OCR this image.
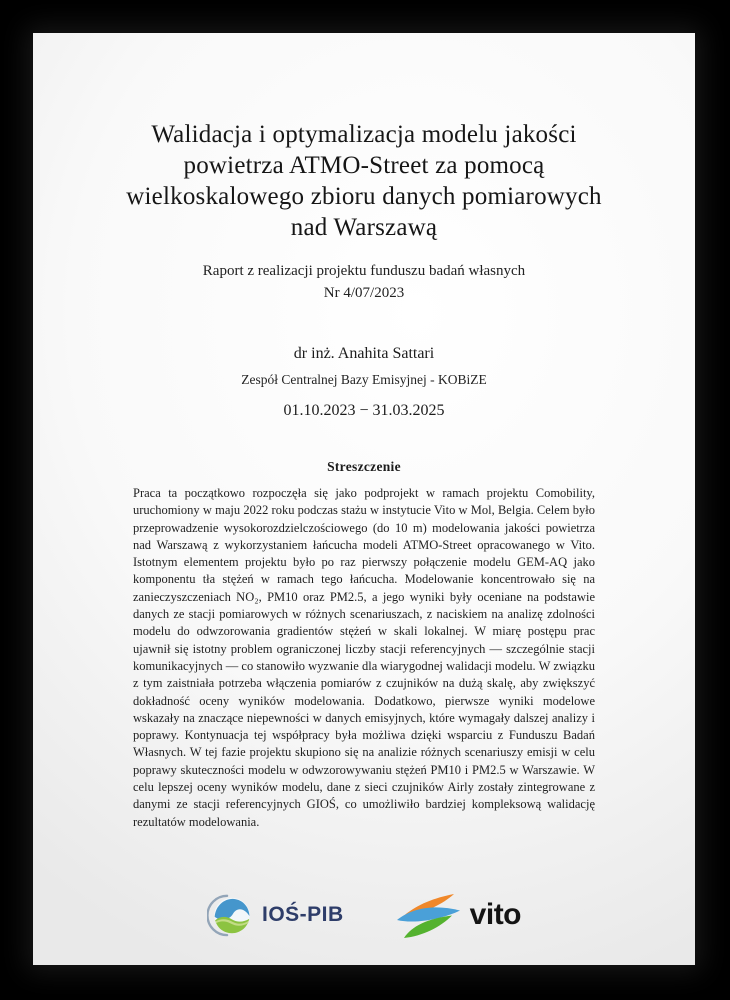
Walidacja i optymalizacja modelu jakości
powietrza ATMO-Street za pomocą
wielkoskalowego zbioru danych pomiarowych
nad Warszawą
Raport z realizacji projektu funduszu badań własnych
Nr 4/07/2023
dr inż. Anahita Sattari
Zespół Centralnej Bazy Emisyjnej - KOBiZE
01.10.2023 − 31.03.2025
Streszczenie
Praca ta początkowo rozpoczęła się jako podprojekt w ramach projektu Comobility, uruchomiony w maju 2022 roku podczas stażu w instytucie Vito w Mol, Belgia. Celem było przeprowadzenie wysokorozdzielczościowego (do 10 m) modelowania jakości powietrza nad Warszawą z wykorzystaniem łańcucha modeli ATMO-Street opracowanego w Vito. Istotnym elementem projektu było po raz pierwszy połączenie modelu GEM-AQ jako komponentu tła stężeń w ramach tego łańcucha. Modelowanie koncentrowało się na zanieczyszczeniach NO₂, PM10 oraz PM2.5, a jego wyniki były oceniane na podstawie danych ze stacji pomiarowych w różnych scenariuszach, z naciskiem na analizę zdolności modelu do odwzorowania gradientów stężeń w skali lokalnej. W miarę postępu prac ujawnił się istotny problem ograniczonej liczby stacji referencyjnych — szczególnie stacji komunikacyjnych — co stanowiło wyzwanie dla wiarygodnej walidacji modelu. W związku z tym zaistniała potrzeba włączenia pomiarów z czujników na dużą skalę, aby zwiększyć dokładność oceny wyników modelowania. Dodatkowo, pierwsze wyniki modelowe wskazały na znaczące niepewności w danych emisyjnych, które wymagały dalszej analizy i poprawy. Kontynuacja tej współpracy była możliwa dzięki wsparciu z Funduszu Badań Własnych. W tej fazie projektu skupiono się na analizie różnych scenariuszy emisji w celu poprawy skuteczności modelu w odwzorowywaniu stężeń PM10 i PM2.5 w Warszawie. W celu lepszej oceny wyników modelu, dane z sieci czujników Airly zostały zintegrowane z danymi ze stacji referencyjnych GIOŚ, co umożliwiło bardziej kompleksową walidację rezultatów modelowania.
IOŚ-PIB	vito
